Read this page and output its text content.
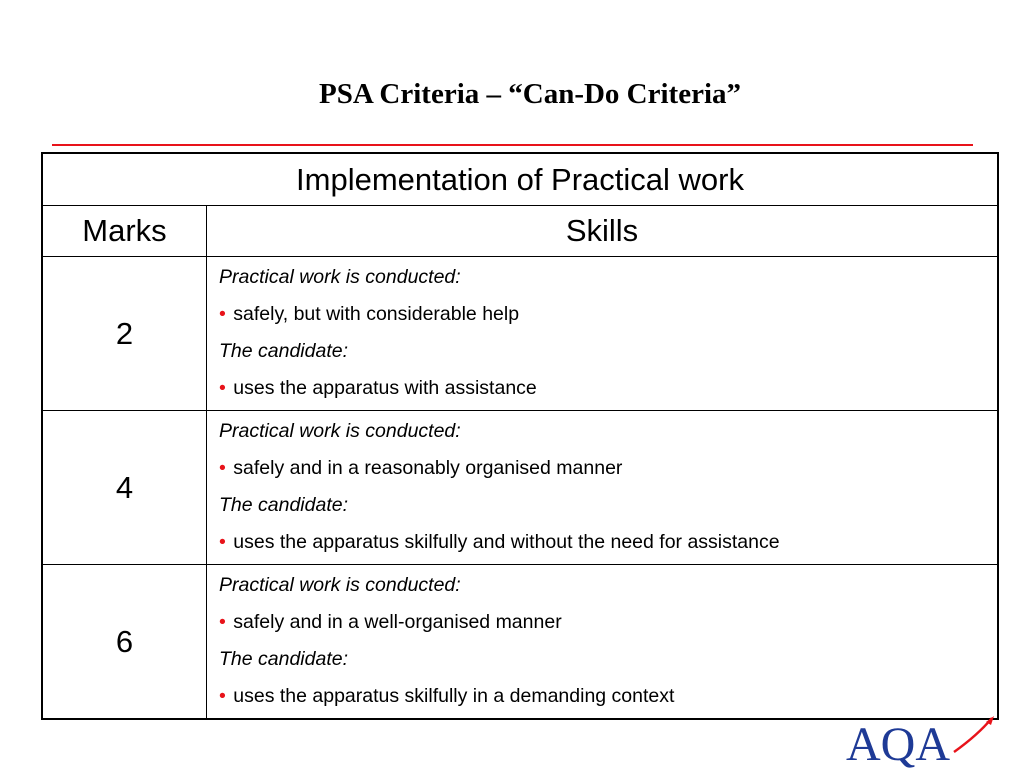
PSA Criteria – “Can-Do Criteria”
Implementation of Practical work	
Marks	Skills
2	Practical work is conducted:
• safely, but with considerable help
The candidate:
• uses the apparatus with assistance

4	Practical work is conducted:
• safely and in a reasonably organised manner
The candidate:
• uses the apparatus skilfully and without the need for assistance

6	Practical work is conducted:
• safely and in a well-organised manner
The candidate:
• uses the apparatus skilfully in a demanding context
AQA
